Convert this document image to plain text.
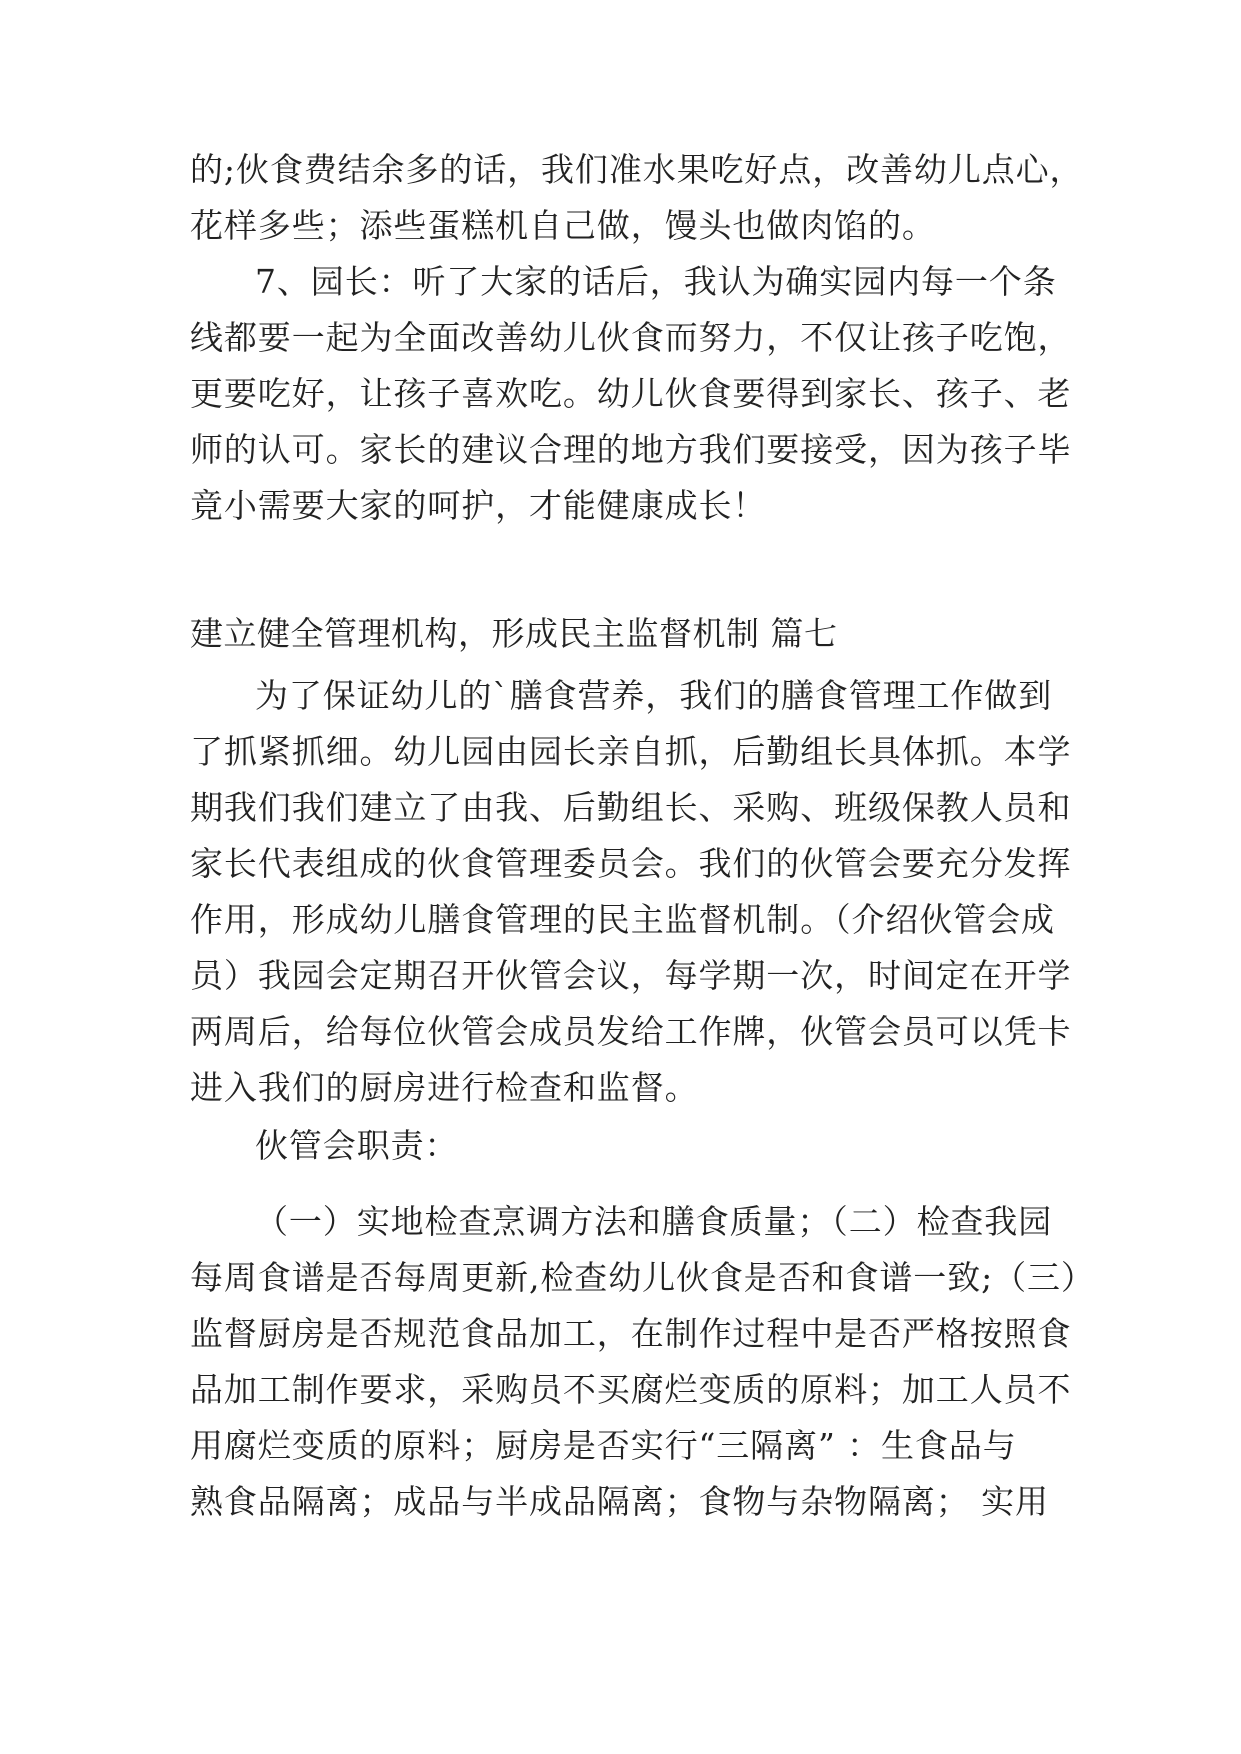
的;伙食费结余多的话，我们准水果吃好点，改善幼儿点心，
花样多些；添些蛋糕机自己做，馒头也做肉馅的。
7、园长：听了大家的话后，我认为确实园内每一个条
线都要一起为全面改善幼儿伙食而努力，不仅让孩子吃饱，
更要吃好，让孩子喜欢吃。幼儿伙食要得到家长、孩子、老
师的认可。家长的建议合理的地方我们要接受，因为孩子毕
竟小需要大家的呵护，才能健康成长！
建立健全管理机构，形成民主监督机制 篇七
为了保证幼儿的`膳食营养，我们的膳食管理工作做到
了抓紧抓细。幼儿园由园长亲自抓，后勤组长具体抓。本学
期我们我们建立了由我、后勤组长、采购、班级保教人员和
家长代表组成的伙食管理委员会。我们的伙管会要充分发挥
作用，形成幼儿膳食管理的民主监督机制。（介绍伙管会成
员）我园会定期召开伙管会议，每学期一次，时间定在开学
两周后，给每位伙管会成员发给工作牌，伙管会员可以凭卡
进入我们的厨房进行检查和监督。
伙管会职责：
（一）实地检查烹调方法和膳食质量；（二）检查我园
每周食谱是否每周更新,检查幼儿伙食是否和食谱一致;（三）
监督厨房是否规范食品加工，在制作过程中是否严格按照食
品加工制作要求，采购员不买腐烂变质的原料；加工人员不
用腐烂变质的原料；厨房是否实行“三隔离” ：生食品与
熟食品隔离；成品与半成品隔离；食物与杂物隔离； 实用
